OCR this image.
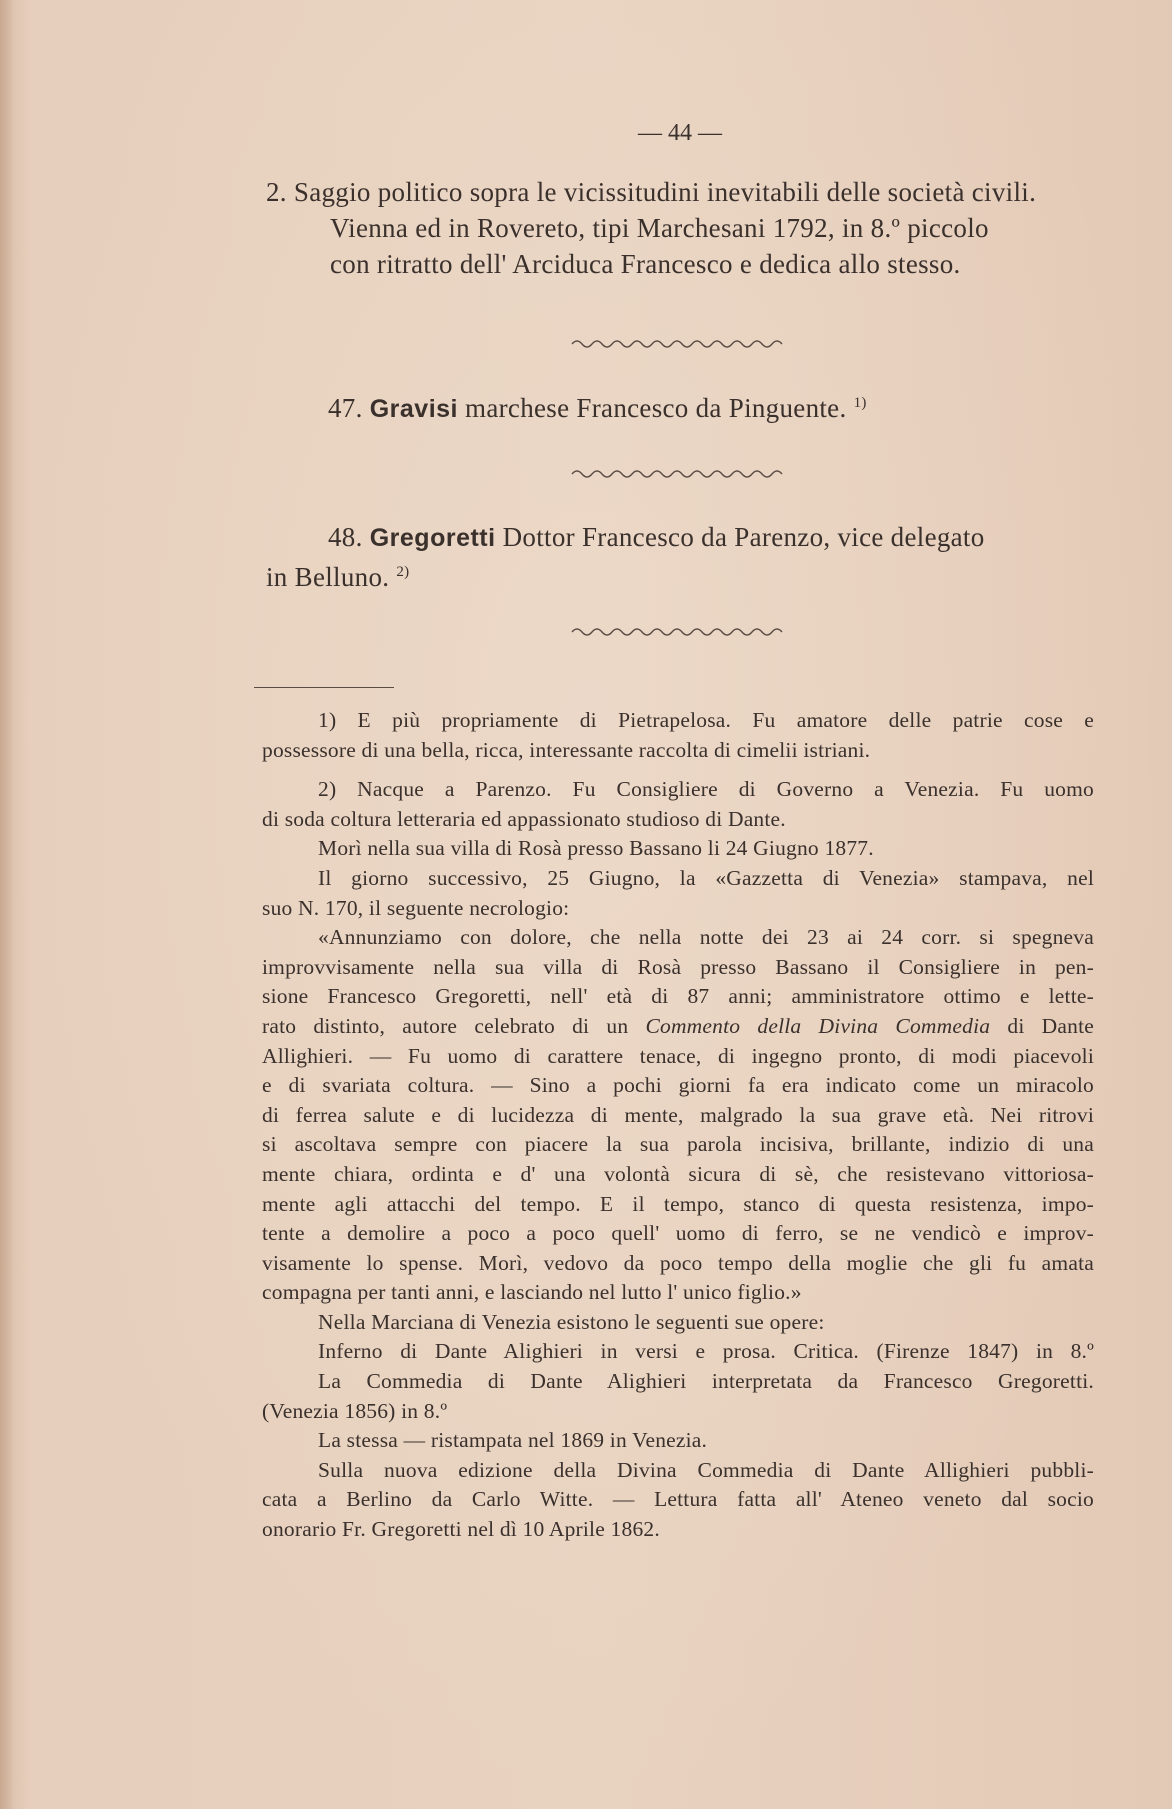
— 44 —
2. Saggio politico sopra le vicissitudini inevitabili delle società civili.
Vienna ed in Rovereto, tipi Marchesani 1792, in 8.º piccolo
con ritratto dell' Arciduca Francesco e dedica allo stesso.
47. Gravisi marchese Francesco da Pinguente. $^{1)}$
48. Gregoretti Dottor Francesco da Parenzo, vice delegato
in Belluno. $^{2)}$
1) E più propriamente di Pietrapelosa. Fu amatore delle patrie cose e
possessore di una bella, ricca, interessante raccolta di cimelii istriani.
2) Nacque a Parenzo. Fu Consigliere di Governo a Venezia. Fu uomo
di soda coltura letteraria ed appassionato studioso di Dante.
Morì nella sua villa di Rosà presso Bassano li 24 Giugno 1877.
Il giorno successivo, 25 Giugno, la «Gazzetta di Venezia» stampava, nel
suo N. 170, il seguente necrologio:
«Annunziamo con dolore, che nella notte dei 23 ai 24 corr. si spegneva
improvvisamente nella sua villa di Rosà presso Bassano il Consigliere in pen-
sione Francesco Gregoretti, nell' età di 87 anni; amministratore ottimo e lette-
rato distinto, autore celebrato di un Commento della Divina Commedia di Dante
Allighieri. — Fu uomo di carattere tenace, di ingegno pronto, di modi piacevoli
e di svariata coltura. — Sino a pochi giorni fa era indicato come un miracolo
di ferrea salute e di lucidezza di mente, malgrado la sua grave età. Nei ritrovi
si ascoltava sempre con piacere la sua parola incisiva, brillante, indizio di una
mente chiara, ordinta e d' una volontà sicura di sè, che resistevano vittoriosa-
mente agli attacchi del tempo. E il tempo, stanco di questa resistenza, impo-
tente a demolire a poco a poco quell' uomo di ferro, se ne vendicò e improv-
visamente lo spense. Morì, vedovo da poco tempo della moglie che gli fu amata
compagna per tanti anni, e lasciando nel lutto l' unico figlio.»
Nella Marciana di Venezia esistono le seguenti sue opere:
Inferno di Dante Alighieri in versi e prosa. Critica. (Firenze 1847) in 8.º
La Commedia di Dante Alighieri interpretata da Francesco Gregoretti.
(Venezia 1856) in 8.º
La stessa — ristampata nel 1869 in Venezia.
Sulla nuova edizione della Divina Commedia di Dante Allighieri pubbli-
cata a Berlino da Carlo Witte. — Lettura fatta all' Ateneo veneto dal socio
onorario Fr. Gregoretti nel dì 10 Aprile 1862.
